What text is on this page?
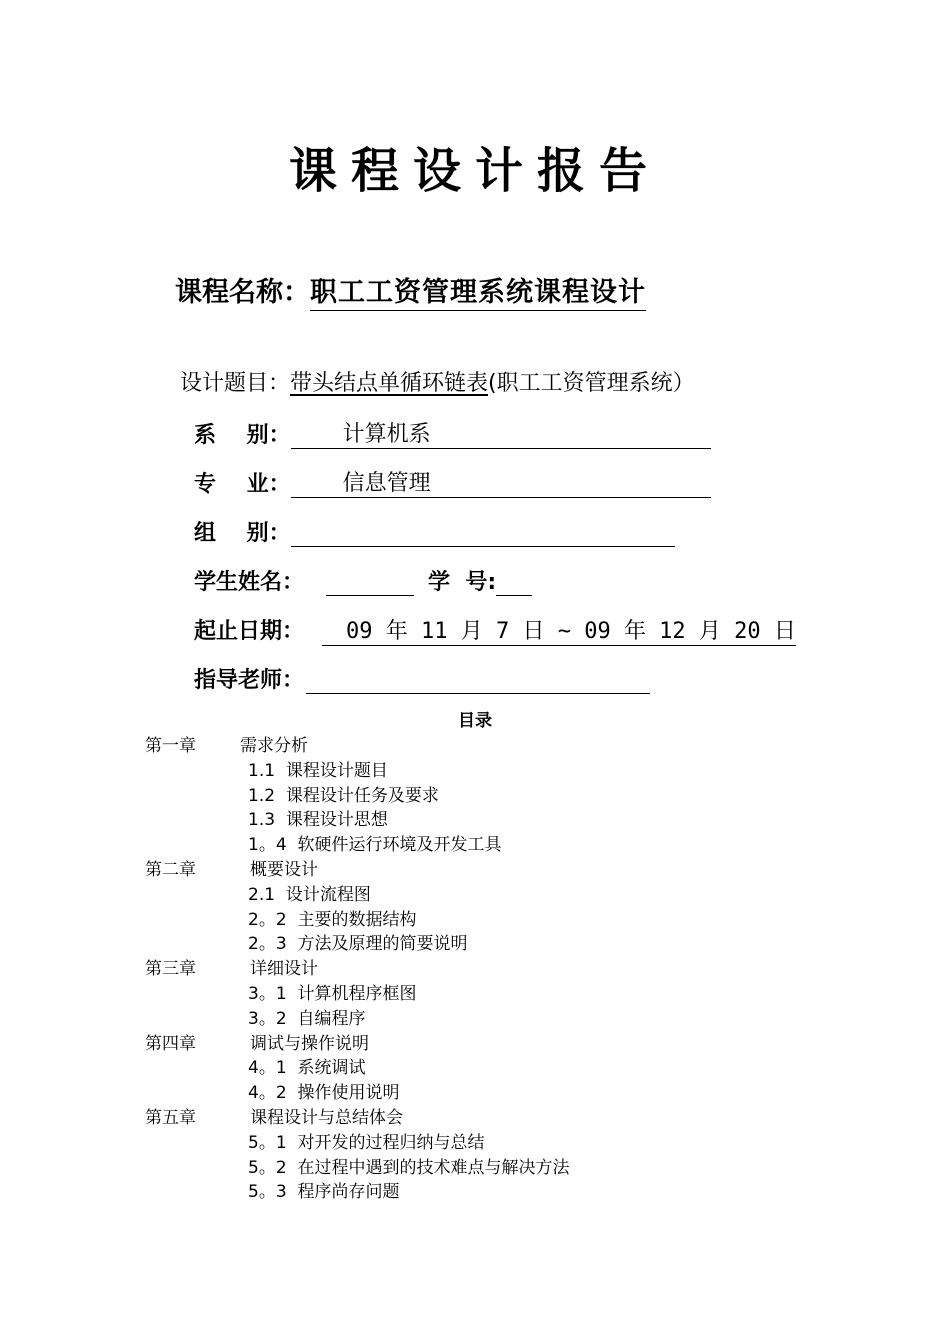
课程设计报告
课程名称：职工工资管理系统课程设计
设计题目：带头结点单循环链表(职工工资管理系统）
系    别： 计算机系
专    业： 信息管理
组    别：
学生姓名：	学  号:
起止日期： 09 年 11 月 7 日 ~ 09 年 12 月 20 日
指导老师：
目录
第一章	需求分析
1.1  课程设计题目
1.2  课程设计任务及要求
1.3  课程设计思想
1。4  软硬件运行环境及开发工具
第二章	概要设计
2.1  设计流程图
2。2  主要的数据结构
2。3  方法及原理的简要说明
第三章	详细设计
3。1  计算机程序框图
3。2  自编程序
第四章	调试与操作说明
4。1  系统调试
4。2  操作使用说明
第五章	课程设计与总结体会
5。1  对开发的过程归纳与总结
5。2  在过程中遇到的技术难点与解决方法
5。3  程序尚存问题
